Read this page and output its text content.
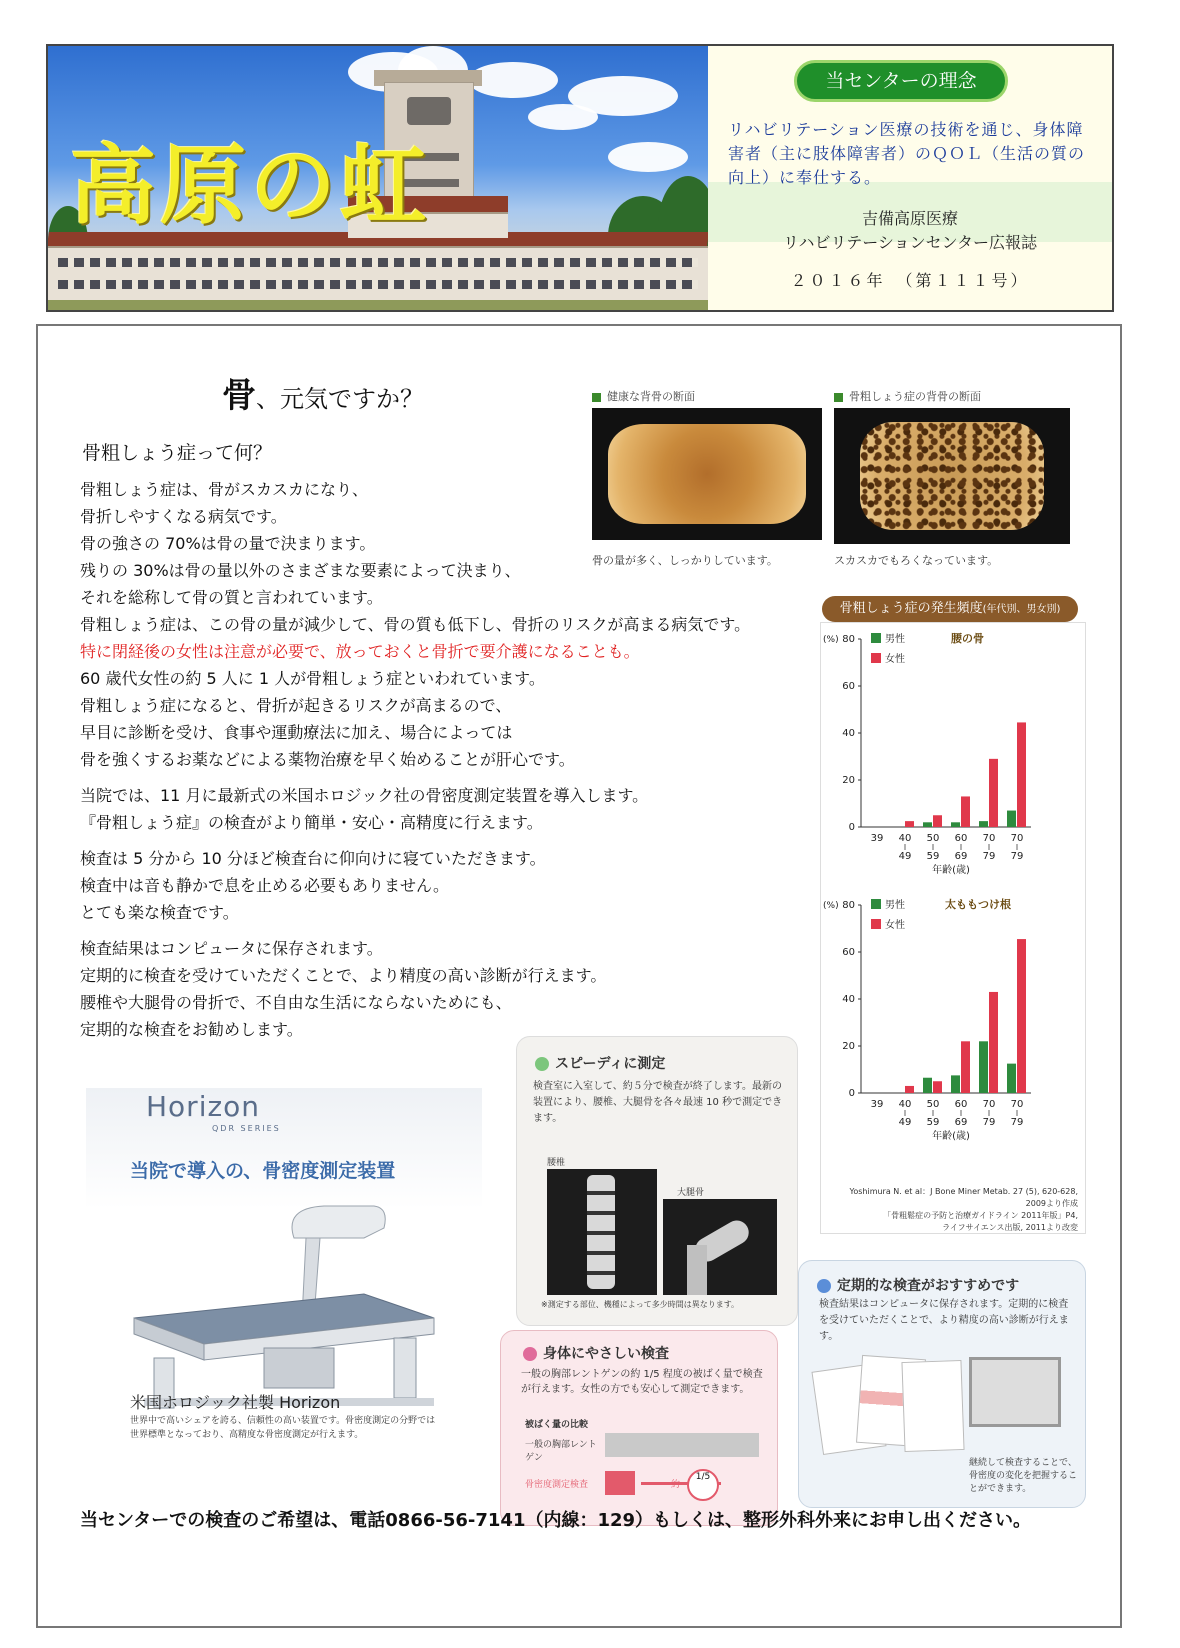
高原の虹
当センターの理念
リハビリテーション医療の技術を通じ、身体障害者（主に肢体障害者）のＱＯＬ（生活の質の向上）に奉仕する。
吉備高原医療
リハビリテーションセンター広報誌
２０１６年　（第１１１号）
骨、元気ですか？
骨粗しょう症って何？
骨粗しょう症は、骨がスカスカになり、
骨折しやすくなる病気です。
骨の強さの 70%は骨の量で決まります。
残りの 30%は骨の量以外のさまざまな要素によって決まり、
それを総称して骨の質と言われています。
骨粗しょう症は、この骨の量が減少して、骨の質も低下し、骨折のリスクが高まる病気です。
特に閉経後の女性は注意が必要で、放っておくと骨折で要介護になることも。
60 歳代女性の約 5 人に 1 人が骨粗しょう症といわれています。
骨粗しょう症になると、骨折が起きるリスクが高まるので、
早目に診断を受け、食事や運動療法に加え、場合によっては
骨を強くするお薬などによる薬物治療を早く始めることが肝心です。
当院では、11 月に最新式の米国ホロジック社の骨密度測定装置を導入します。
『骨粗しょう症』の検査がより簡単・安心・高精度に行えます。
検査は 5 分から 10 分ほど検査台に仰向けに寝ていただきます。
検査中は音も静かで息を止める必要もありません。
とても楽な検査です。
検査結果はコンピュータに保存されます。
定期的に検査を受けていただくことで、より精度の高い診断が行えます。
腰椎や大腿骨の骨折で、不自由な生活にならないためにも、
定期的な検査をお勧めします。
健康な背骨の断面
骨の量が多く、しっかりしています。
骨粗しょう症の背骨の断面
スカスカでもろくなっています。
0
20
40
60
80
(%)	男性
女性
腰の骨
39 40
49
50
59
60
69
70
79
70
79
年齢(歳)
0
20
40
60
80
(%)	男性
女性
太ももつけ根
39 40
49
50
59
60
69
70
79
70
79
年齢(歳)
骨粗しょう症の発生頻度(年代別、男女別)
Yoshimura N. et al：J Bone Miner Metab. 27 (5), 620-628, 2009より作成
「骨粗鬆症の予防と治療ガイドライン 2011年版」P4,
ライフサイエンス出版, 2011より改変
Horizon
QDR SERIES
当院で導入の、骨密度測定装置
米国ホロジック社製 Horizon
世界中で高いシェアを誇る、信頼性の高い装置です。骨密度測定の分野では世界標準となっており、高精度な骨密度測定が行えます。
スピーディに測定
検査室に入室して、約５分で検査が終了します。最新の装置により、腰椎、大腿骨を各々最速 10 秒で測定できます。
腰椎
大腿骨
※測定する部位、機種によって多少時間は異なります。
定期的な検査がおすすめです
検査結果はコンピュータに保存されます。定期的に検査を受けていただくことで、より精度の高い診断が行えます。
継続して検査することで、骨密度の変化を把握することができます。
身体にやさしい検査
一般の胸部レントゲンの約 1/5 程度の被ばく量で検査が行えます。女性の方でも安心して測定できます。
被ばく量の比較
一般の胸部レントゲン
骨密度測定検査	約
1/5
当センターでの検査のご希望は、電話0866-56-7141（内線：129）もしくは、整形外科外来にお申し出ください。
